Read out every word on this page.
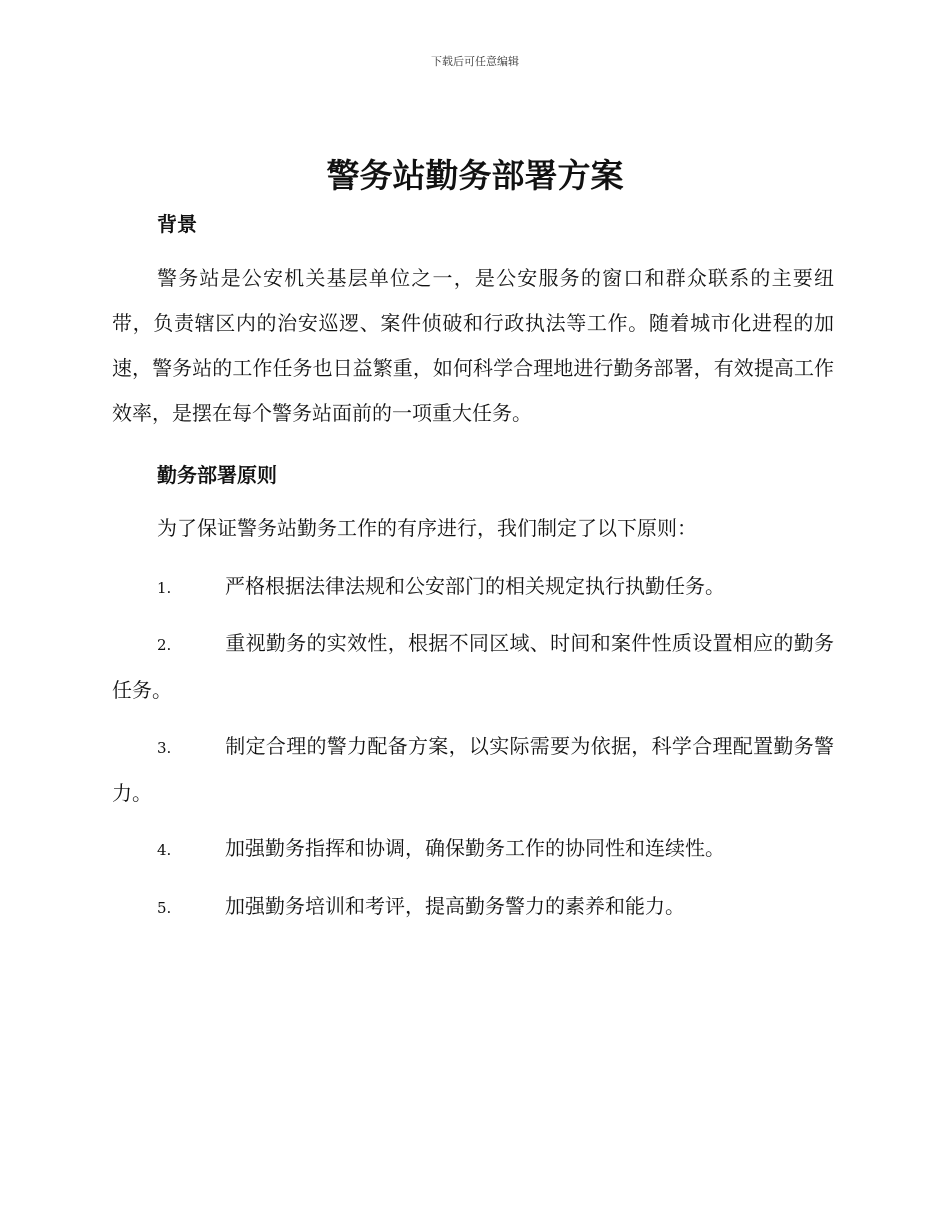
下载后可任意编辑
警务站勤务部署方案
背景
警务站是公安机关基层单位之一，是公安服务的窗口和群众联系的主要纽带，负责辖区内的治安巡逻、案件侦破和行政执法等工作。随着城市化进程的加速，警务站的工作任务也日益繁重，如何科学合理地进行勤务部署，有效提高工作效率，是摆在每个警务站面前的一项重大任务。
勤务部署原则
为了保证警务站勤务工作的有序进行，我们制定了以下原则：
1.	严格根据法律法规和公安部门的相关规定执行执勤任务。
2.	重视勤务的实效性，根据不同区域、时间和案件性质设置相应的勤务任务。
3.	制定合理的警力配备方案，以实际需要为依据，科学合理配置勤务警力。
4.	加强勤务指挥和协调，确保勤务工作的协同性和连续性。
5.	加强勤务培训和考评，提高勤务警力的素养和能力。
